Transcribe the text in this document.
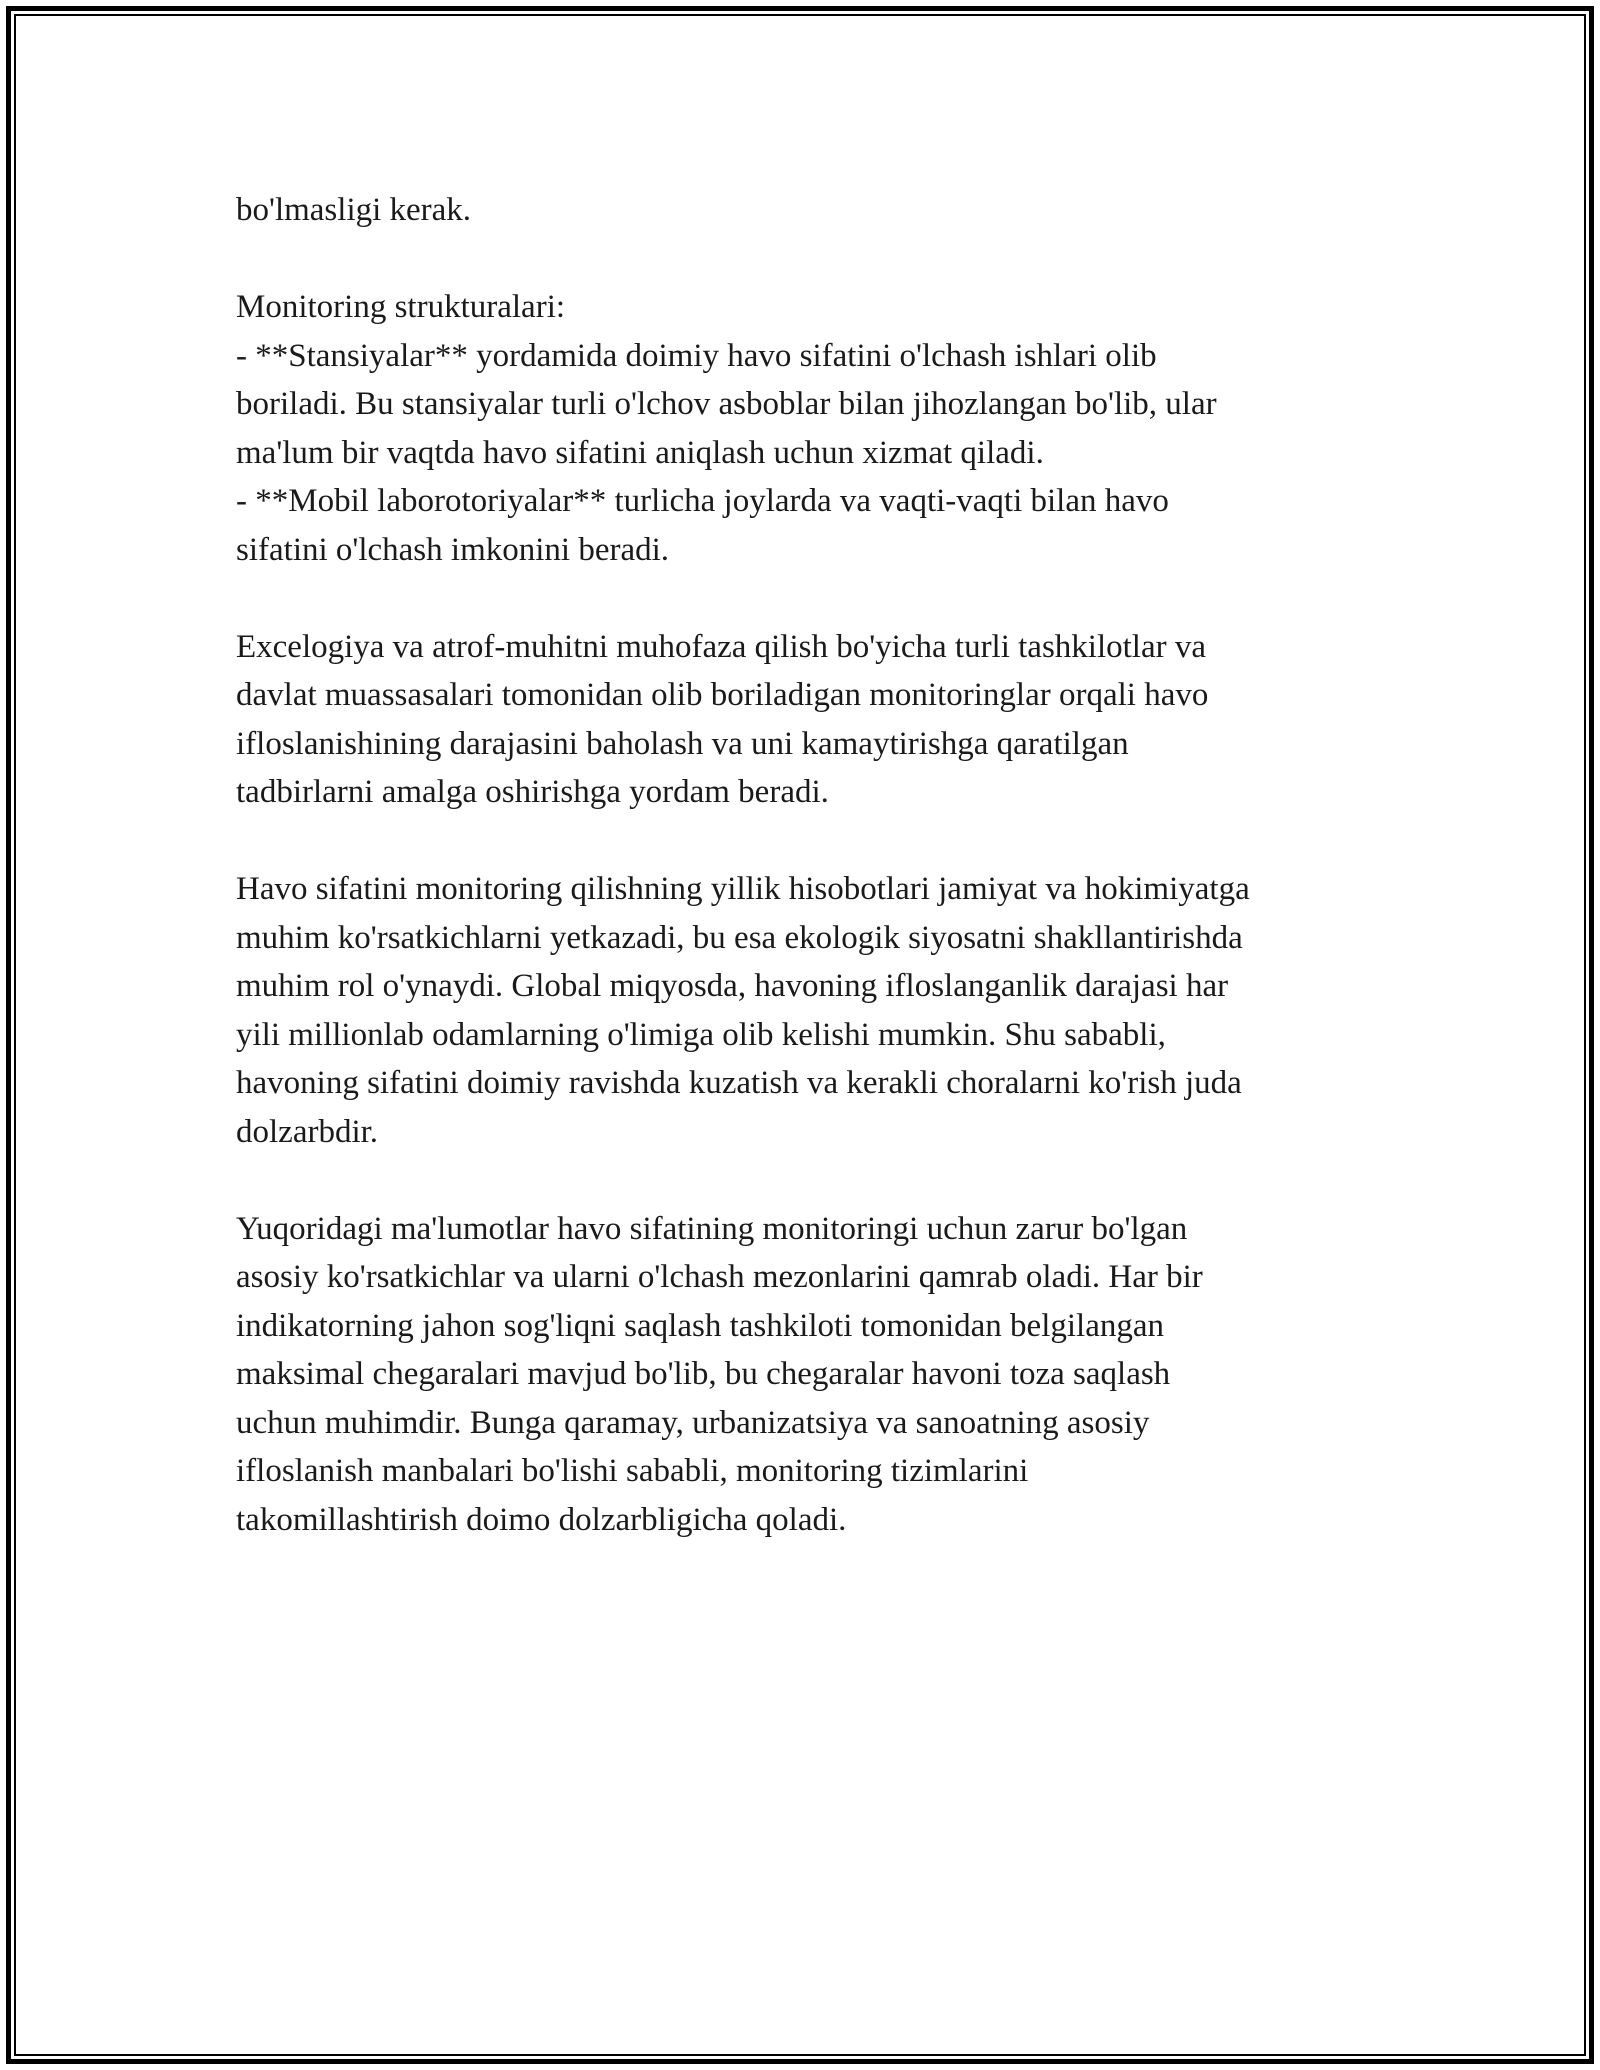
bo'lmasligi kerak.

Monitoring strukturalari:
- **Stansiyalar** yordamida doimiy havo sifatini o'lchash ishlari olib
boriladi. Bu stansiyalar turli o'lchov asboblar bilan jihozlangan bo'lib, ular
ma'lum bir vaqtda havo sifatini aniqlash uchun xizmat qiladi.
- **Mobil laborotoriyalar** turlicha joylarda va vaqti-vaqti bilan havo
sifatini o'lchash imkonini beradi.

Excelogiya va atrof-muhitni muhofaza qilish bo'yicha turli tashkilotlar va
davlat muassasalari tomonidan olib boriladigan monitoringlar orqali havo
ifloslanishining darajasini baholash va uni kamaytirishga qaratilgan
tadbirlarni amalga oshirishga yordam beradi.

Havo sifatini monitoring qilishning yillik hisobotlari jamiyat va hokimiyatga
muhim ko'rsatkichlarni yetkazadi, bu esa ekologik siyosatni shakllantirishda
muhim rol o'ynaydi. Global miqyosda, havoning ifloslanganlik darajasi har
yili millionlab odamlarning o'limiga olib kelishi mumkin. Shu sababli,
havoning sifatini doimiy ravishda kuzatish va kerakli choralarni ko'rish juda
dolzarbdir.

Yuqoridagi ma'lumotlar havo sifatining monitoringi uchun zarur bo'lgan
asosiy ko'rsatkichlar va ularni o'lchash mezonlarini qamrab oladi. Har bir
indikatorning jahon sog'liqni saqlash tashkiloti tomonidan belgilangan
maksimal chegaralari mavjud bo'lib, bu chegaralar havoni toza saqlash
uchun muhimdir. Bunga qaramay, urbanizatsiya va sanoatning asosiy
ifloslanish manbalari bo'lishi sababli, monitoring tizimlarini
takomillashtirish doimo dolzarbligicha qoladi.
